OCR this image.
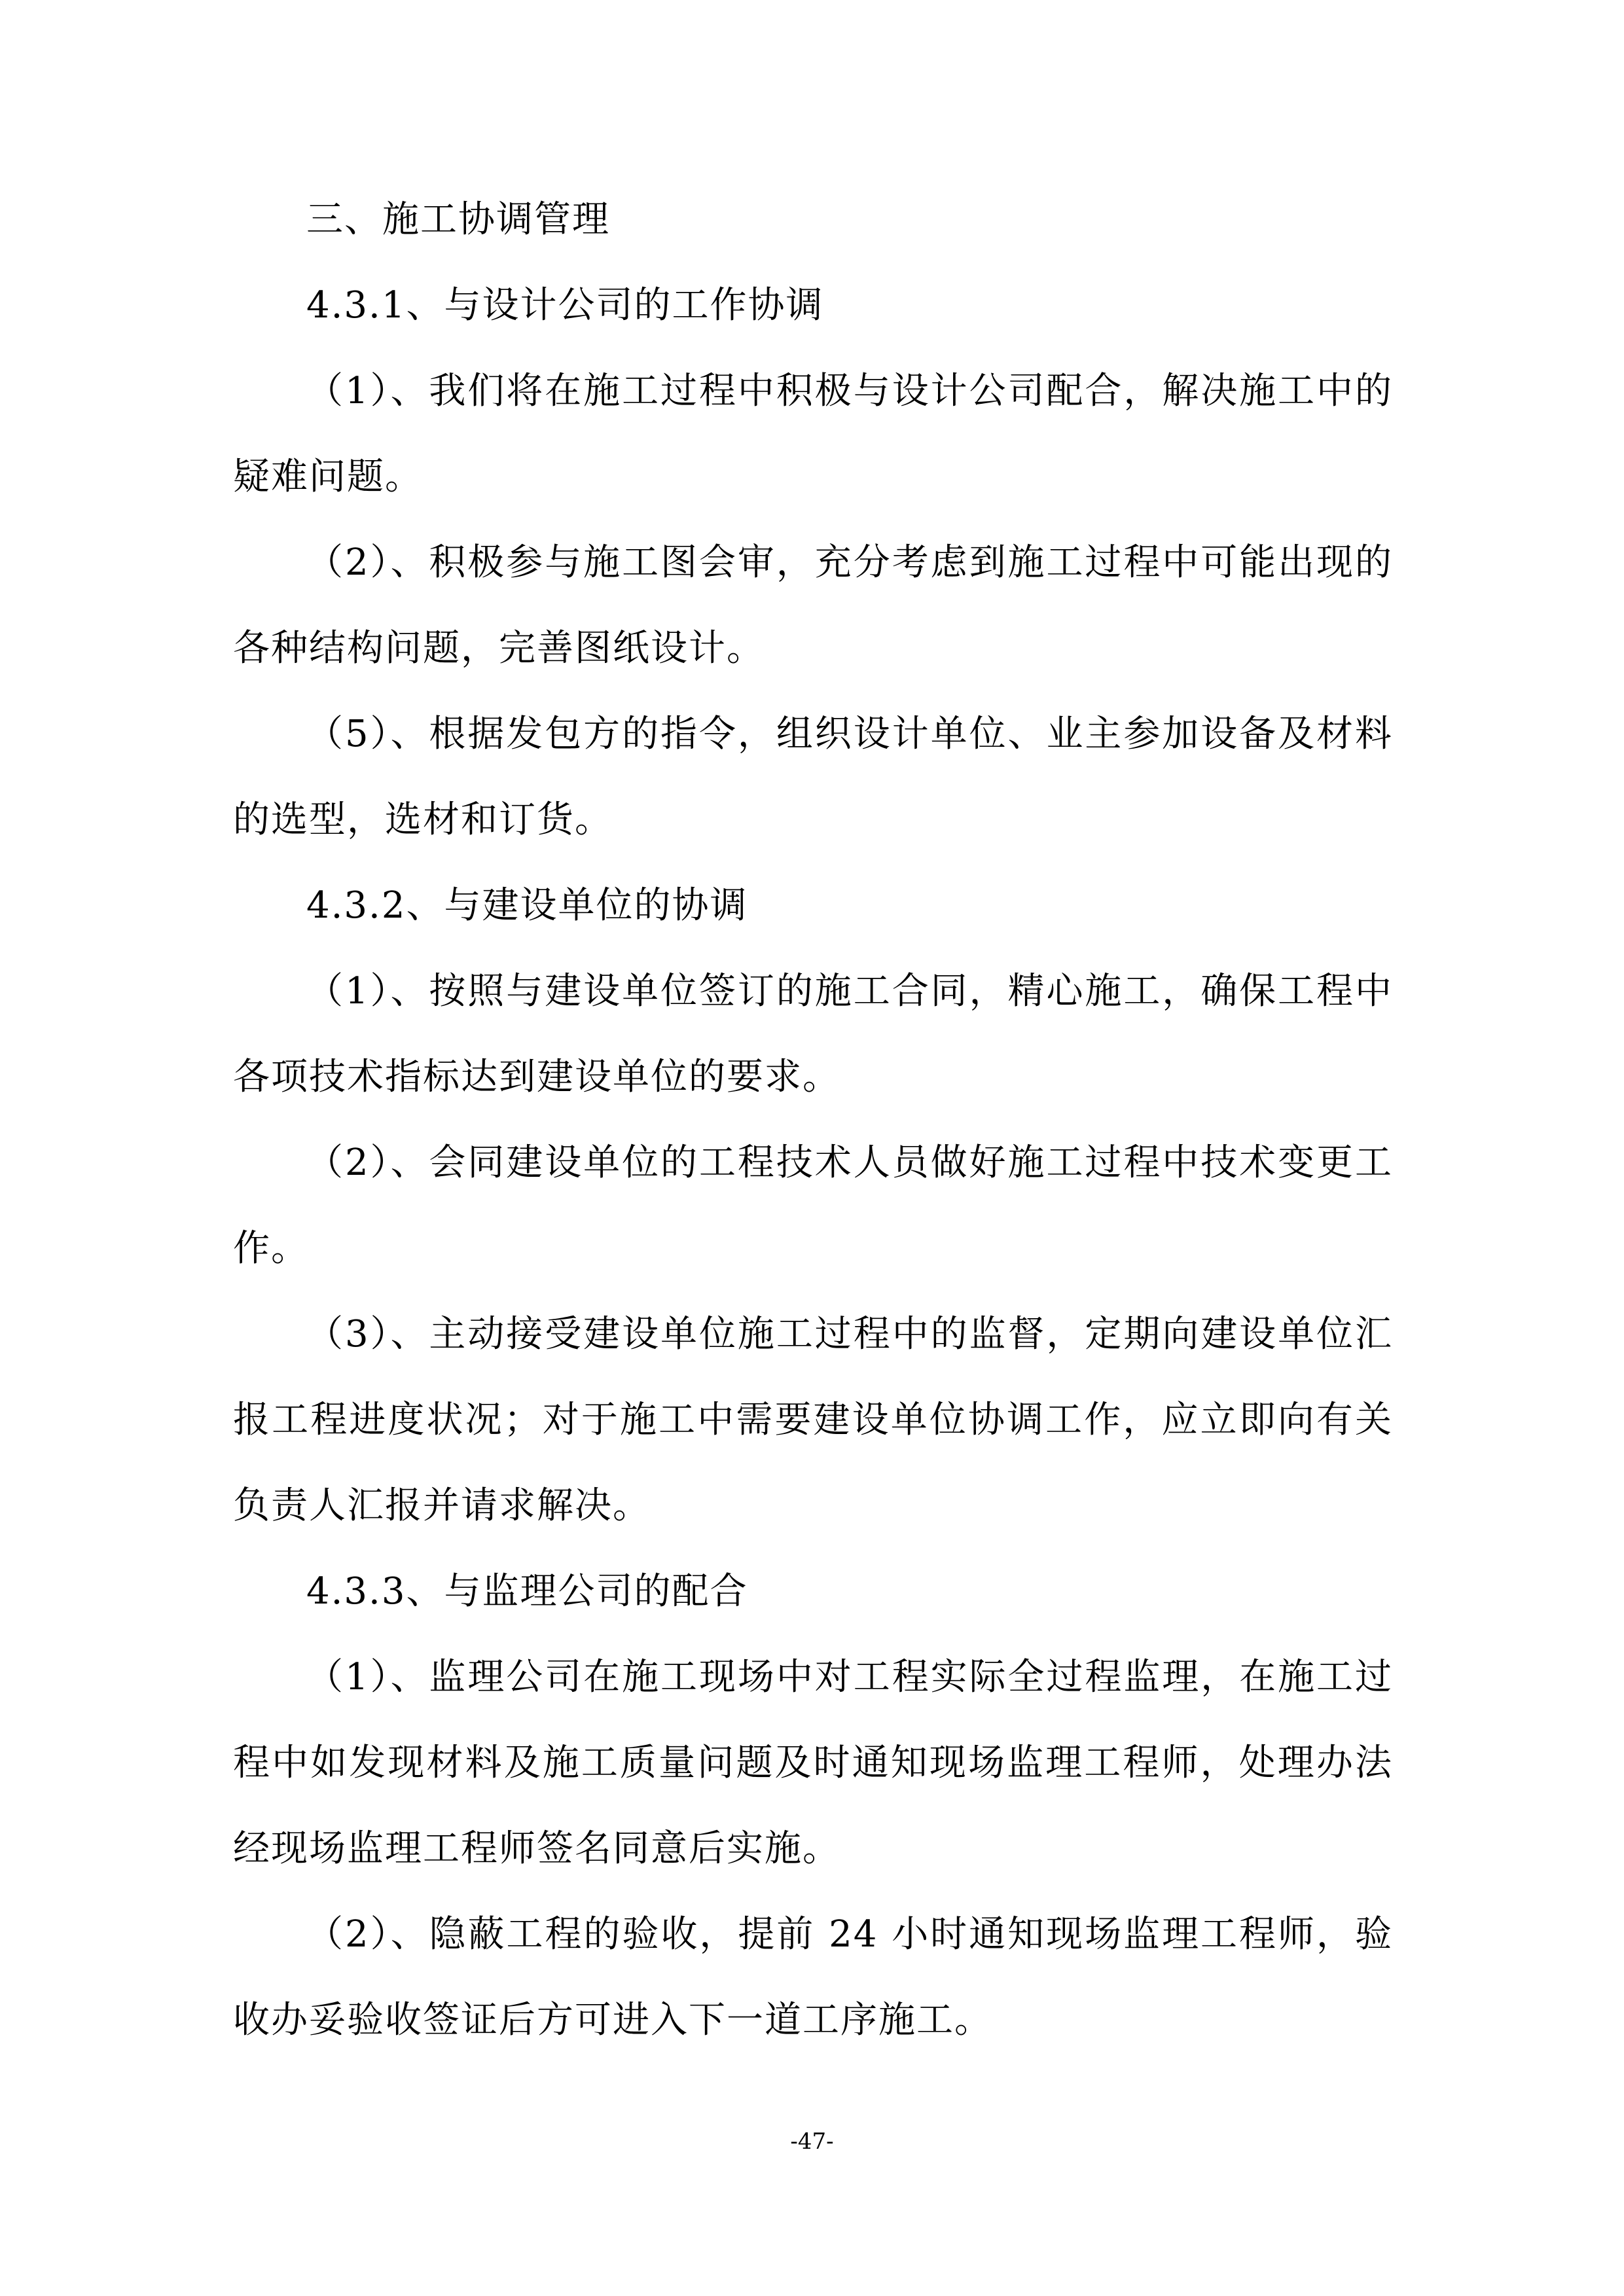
三、施工协调管理

4.3.1、与设计公司的工作协调

（1）、我们将在施工过程中积极与设计公司配合，解决施工中的疑难问题。

（2）、积极参与施工图会审，充分考虑到施工过程中可能出现的各种结构问题，完善图纸设计。

（5）、根据发包方的指令，组织设计单位、业主参加设备及材料的选型，选材和订货。

4.3.2、与建设单位的协调

（1）、按照与建设单位签订的施工合同，精心施工，确保工程中各项技术指标达到建设单位的要求。

（2）、会同建设单位的工程技术人员做好施工过程中技术变更工作。

（3）、主动接受建设单位施工过程中的监督，定期向建设单位汇报工程进度状况；对于施工中需要建设单位协调工作，应立即向有关负责人汇报并请求解决。

4.3.3、与监理公司的配合

（1）、监理公司在施工现场中对工程实际全过程监理，在施工过程中如发现材料及施工质量问题及时通知现场监理工程师，处理办法经现场监理工程师签名同意后实施。

（2）、隐蔽工程的验收，提前 24 小时通知现场监理工程师，验收办妥验收签证后方可进入下一道工序施工。

-47-
